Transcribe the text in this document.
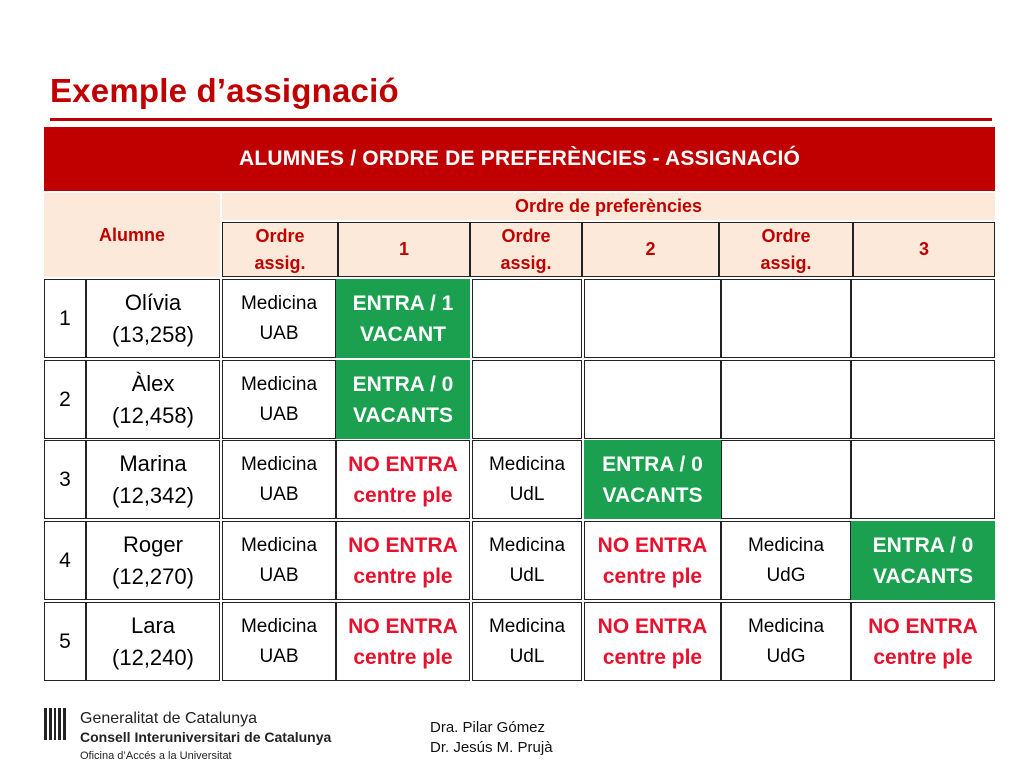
Exemple d’assignació
ALUMNES / ORDRE DE PREFERÈNCIES - ASSIGNACIÓ
Alumne
Ordre de preferències
Ordre
assig.
1
Ordre
assig.
2
Ordre
assig.
3
1
Olívia
(13,258)
Medicina
UAB
ENTRA / 1
VACANT
2
Àlex
(12,458)
Medicina
UAB
ENTRA / 0
VACANTS
3
Marina
(12,342)
Medicina
UAB
NO ENTRA
centre ple
Medicina
UdL
ENTRA / 0
VACANTS
4
Roger
(12,270)
Medicina
UAB
NO ENTRA
centre ple
Medicina
UdL
NO ENTRA
centre ple
Medicina
UdG
ENTRA / 0
VACANTS
5
Lara
(12,240)
Medicina
UAB
NO ENTRA
centre ple
Medicina
UdL
NO ENTRA
centre ple
Medicina
UdG
NO ENTRA
centre ple
Generalitat de Catalunya
Consell Interuniversitari de Catalunya
Oficina d’Accés a la Universitat
Dra. Pilar Gómez
Dr. Jesús M. Prujà
